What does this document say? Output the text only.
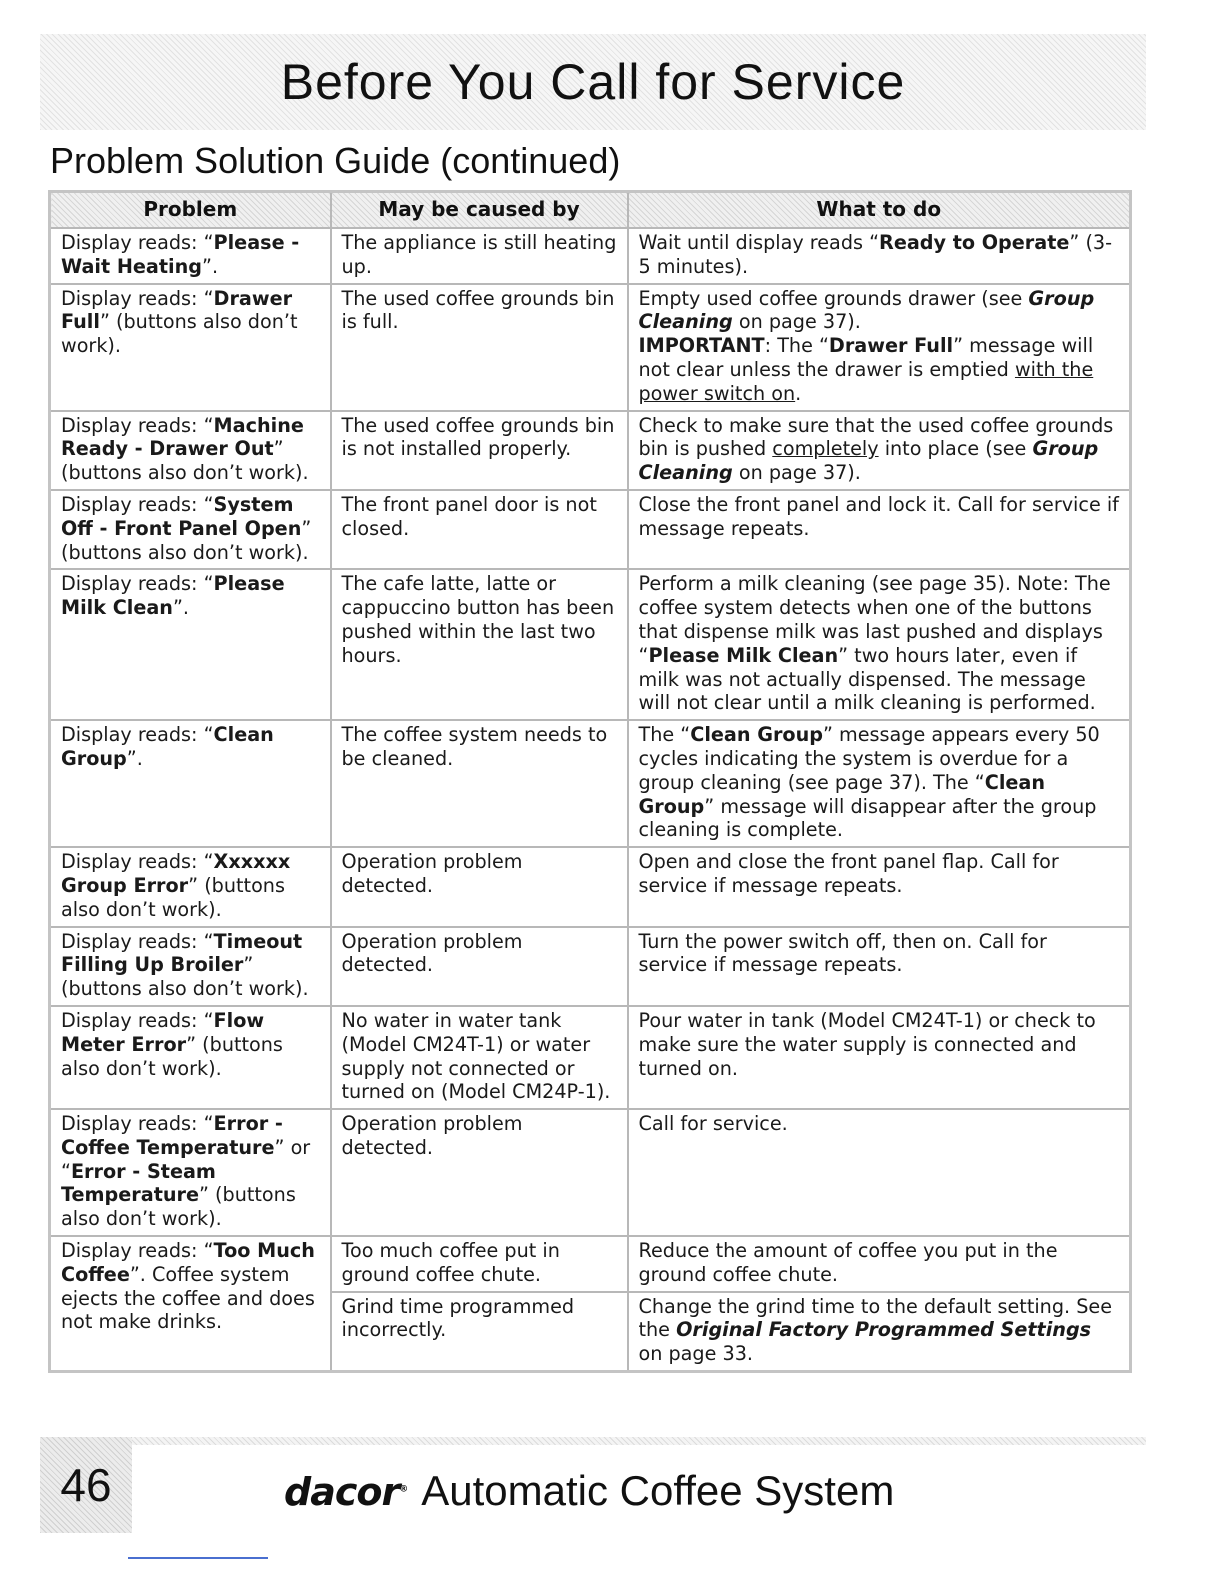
Before You Call for Service
Problem Solution Guide (continued)
Problem	May be caused by	What to do
Display reads: “Please - Wait Heating”.	The appliance is still heating up.	Wait until display reads “Ready to Operate” (3-5 minutes).
Display reads: “Drawer Full” (buttons also don’t work).	The used coffee grounds bin is full.	Empty used coffee grounds drawer (see Group Cleaning on page 37).
IMPORTANT: The “Drawer Full” message will not clear unless the drawer is emptied with the power switch on.
Display reads: “Machine Ready - Drawer Out” (buttons also don’t work).	The used coffee grounds bin is not installed properly.	Check to make sure that the used coffee grounds bin is pushed completely into place (see Group Cleaning on page 37).
Display reads: “System Off - Front Panel Open” (buttons also don’t work).	The front panel door is not closed.	Close the front panel and lock it. Call for service if message repeats.
Display reads: “Please Milk Clean”.	The cafe latte, latte or cappuccino button has been pushed within the last two hours.	Perform a milk cleaning (see page 35). Note: The coffee system detects when one of the buttons that dispense milk was last pushed and displays “Please Milk Clean” two hours later, even if milk was not actually dispensed. The message will not clear until a milk cleaning is performed.
Display reads: “Clean Group”.	The coffee system needs to be cleaned.	The “Clean Group” message appears every 50 cycles indicating the system is overdue for a group cleaning (see page 37). The “Clean Group” message will disappear after the group cleaning is complete.
Display reads: “Xxxxxx Group Error” (buttons also don’t work).	Operation problem detected.	Open and close the front panel flap. Call for service if message repeats.
Display reads: “Timeout Filling Up Broiler” (buttons also don’t work).	Operation problem detected.	Turn the power switch off, then on. Call for service if message repeats.
Display reads: “Flow Meter Error” (buttons also don’t work).	No water in water tank (Model CM24T-1) or water supply not connected or turned on (Model CM24P-1).	Pour water in tank (Model CM24T-1) or check to make sure the water supply is connected and turned on.
Display reads: “Error - Coffee Temperature” or “Error - Steam Temperature” (buttons also don’t work).	Operation problem detected.	Call for service.
Display reads: “Too Much Coffee”. Coffee system ejects the coffee and does not make drinks.	Too much coffee put in ground coffee chute.	Reduce the amount of coffee you put in the ground coffee chute.
	Grind time programmed incorrectly.	Change the grind time to the default setting. See the Original Factory Programmed Settings on page 33.
46	dacor® Automatic Coffee System
